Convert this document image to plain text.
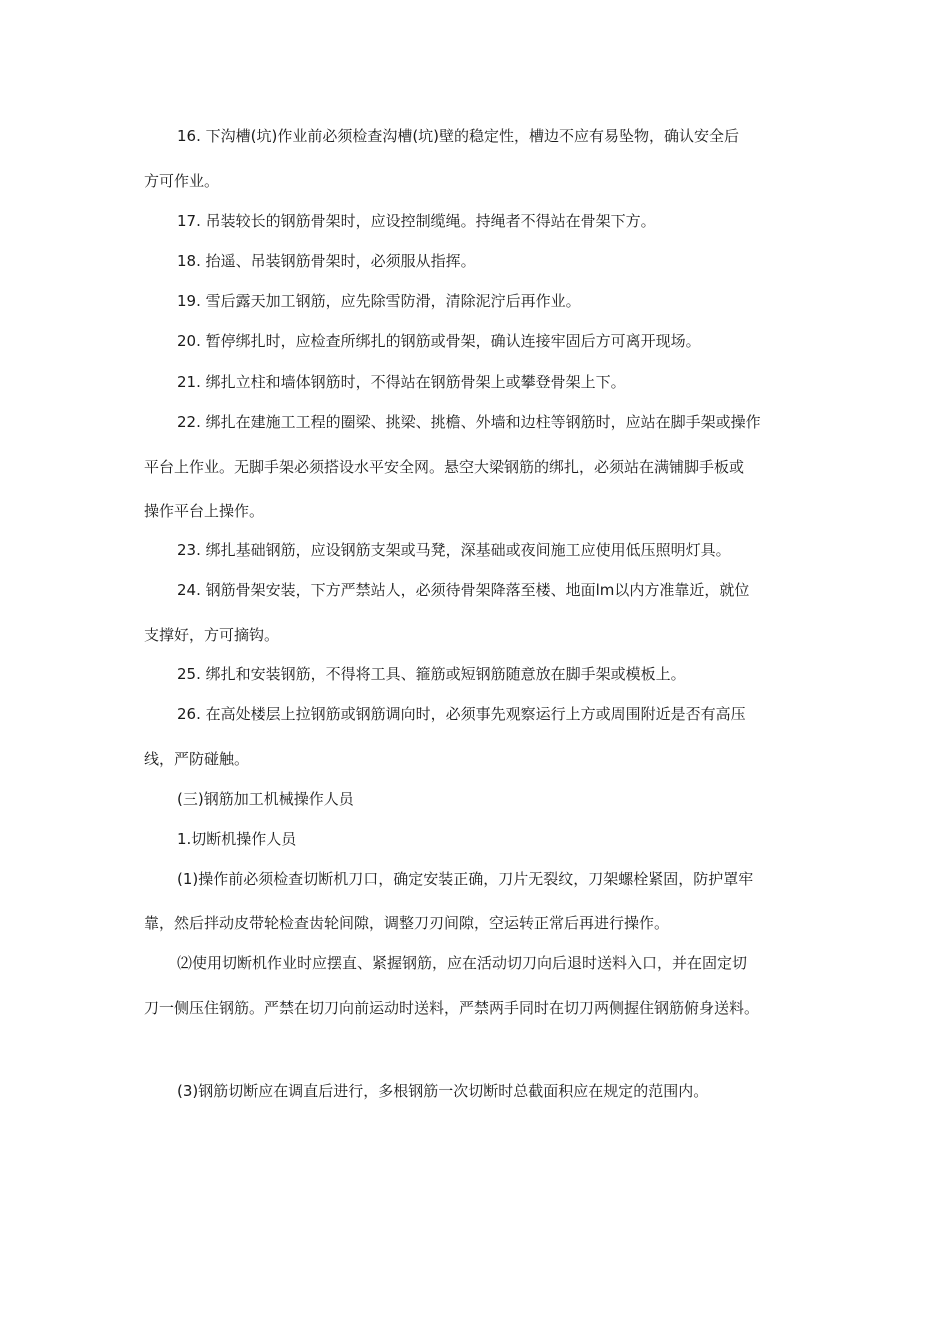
16. 下沟槽(坑)作业前必须检查沟槽(坑)壁的稳定性，槽边不应有易坠物，确认安全后
方可作业。
17. 吊装较长的钢筋骨架时，应设控制缆绳。持绳者不得站在骨架下方。
18. 抬遥、吊装钢筋骨架时，必须服从指挥。
19. 雪后露天加工钢筋，应先除雪防滑，清除泥泞后再作业。
20. 暂停绑扎时，应检查所绑扎的钢筋或骨架，确认连接牢固后方可离开现场。
21. 绑扎立柱和墙体钢筋时，不得站在钢筋骨架上或攀登骨架上下。
22. 绑扎在建施工工程的圈梁、挑梁、挑檐、外墙和边柱等钢筋时，应站在脚手架或操作
平台上作业。无脚手架必须搭设水平安全网。悬空大梁钢筋的绑扎，必须站在满铺脚手板或
操作平台上操作。
23. 绑扎基础钢筋，应设钢筋支架或马凳，深基础或夜间施工应使用低压照明灯具。
24. 钢筋骨架安装，下方严禁站人，必须待骨架降落至楼、地面lm以内方准靠近，就位
支撑好，方可摘钩。
25. 绑扎和安装钢筋，不得将工具、箍筋或短钢筋随意放在脚手架或模板上。
26. 在高处楼层上拉钢筋或钢筋调向时，必须事先观察运行上方或周围附近是否有高压
线，严防碰触。
(三)钢筋加工机械操作人员
1.切断机操作人员
(1)操作前必须检查切断机刀口，确定安装正确，刀片无裂纹，刀架螺栓紧固，防护罩牢
靠，然后拌动皮带轮检查齿轮间隙，调整刀刃间隙，空运转正常后再进行操作。
⑵使用切断机作业时应摆直、紧握钢筋，应在活动切刀向后退时送料入口，并在固定切
刀一侧压住钢筋。严禁在切刀向前运动时送料，严禁两手同时在切刀两侧握住钢筋俯身送料。
(3)钢筋切断应在调直后进行，多根钢筋一次切断时总截面积应在规定的范围内。
